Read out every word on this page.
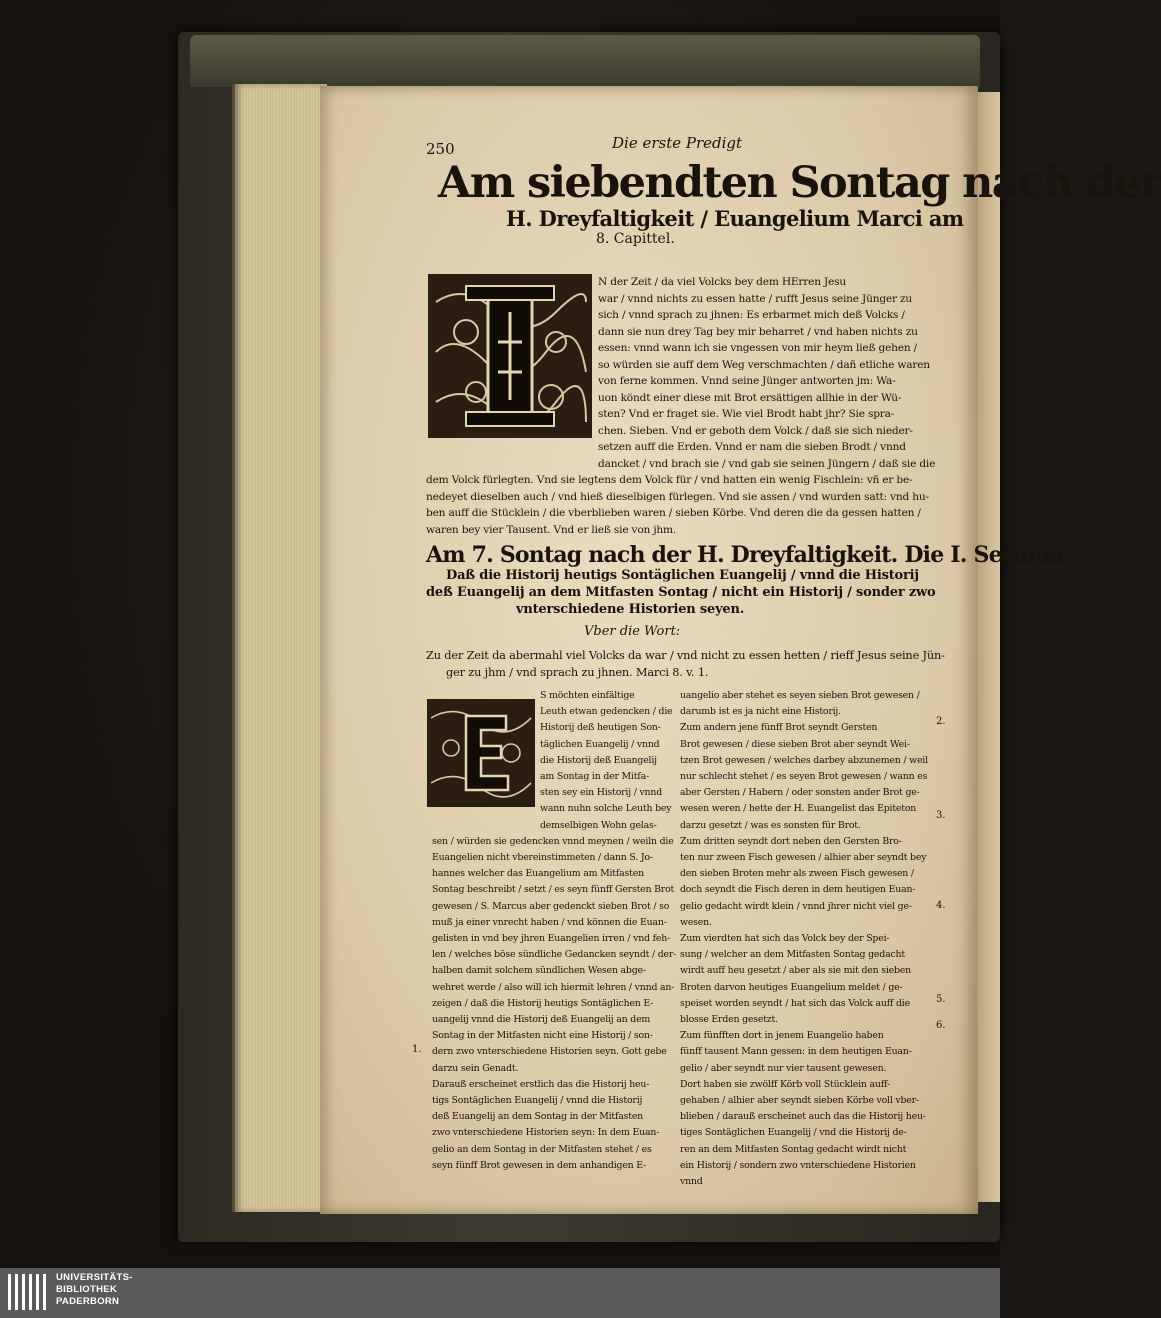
250	Die erste Predigt
Am siebendten Sontag nach der
H. Dreyfaltigkeit / Euangelium Marci am
8. Capittel.
N der Zeit / da viel Volcks bey dem HErren Jesu
war / vnnd nichts zu essen hatte / rufft Jesus seine Jünger zu
sich / vnnd sprach zu jhnen: Es erbarmet mich deß Volcks /
dann sie nun drey Tag bey mir beharret / vnd haben nichts zu
essen: vnnd wann ich sie vngessen von mir heym ließ gehen /
so würden sie auff dem Weg verschmachten / dañ etliche waren
von ferne kommen. Vnnd seine Jünger antworten jm: Wa-
uon köndt einer diese mit Brot ersättigen allhie in der Wü-
sten? Vnd er fraget sie. Wie viel Brodt habt jhr? Sie spra-
chen. Sieben. Vnd er geboth dem Volck / daß sie sich nieder-
setzen auff die Erden. Vnnd er nam die sieben Brodt / vnnd
dancket / vnd brach sie / vnd gab sie seinen Jüngern / daß sie die
dem Volck fürlegten. Vnd sie legtens dem Volck für / vnd hatten ein wenig Fischlein: vñ er be-
nedeyet dieselben auch / vnd hieß dieselbigen fürlegen. Vnd sie assen / vnd wurden satt: vnd hu-
ben auff die Stücklein / die vberblieben waren / sieben Körbe. Vnd deren die da gessen hatten /
waren bey vier Tausent. Vnd er ließ sie von jhm.
Am 7. Sontag nach der H. Dreyfaltigkeit. Die I. Sermon
Daß die Historij heutigs Sontäglichen Euangelij / vnnd die Historij
deß Euangelij an dem Mitfasten Sontag / nicht ein Historij / sonder zwo
vnterschiedene Historien seyen.
Vber die Wort:
Zu der Zeit da abermahl viel Volcks da war / vnd nicht zu essen hetten / rieff Jesus seine Jün-
ger zu jhm / vnd sprach zu jhnen. Marci 8. v. 1.
S möchten einfältige
Leuth etwan gedencken / die
Historij deß heutigen Son-
täglichen Euangelij / vnnd
die Historij deß Euangelij
am Sontag in der Mitfa-
sten sey ein Historij / vnnd
wann nuhn solche Leuth bey
demselbigen Wohn gelas-
sen / würden sie gedencken vnnd meynen / weiln die
Euangelien nicht vbereinstimmeten / dann S. Jo-
hannes welcher das Euangelium am Mitfasten
Sontag beschreibt / setzt / es seyn fünff Gersten Brot
gewesen / S. Marcus aber gedenckt sieben Brot / so
muß ja einer vnrecht haben / vnd können die Euan-
gelisten in vnd bey jhren Euangelien irren / vnd feh-
len / welches böse sündliche Gedancken seyndt / der-
halben damit solchem sündlichen Wesen abge-
wehret werde / also will ich hiermit lehren / vnnd an-
zeigen / daß die Historij heutigs Sontäglichen E-
uangelij vnnd die Historij deß Euangelij an dem
Sontag in der Mitfasten nicht eine Historij / son-
dern zwo vnterschiedene Historien seyn. Gott gebe
darzu sein Genadt.
Darauß erscheinet erstlich das die Historij heu-
tigs Sontäglichen Euangelij / vnnd die Historij
deß Euangelij an dem Sontag in der Mitfasten
zwo vnterschiedene Historien seyn: In dem Euan-
gelio an dem Sontag in der Mitfasten stehet / es
seyn fünff Brot gewesen in dem anhandigen E-
uangelio aber stehet es seyen sieben Brot gewesen /
darumb ist es ja nicht eine Historij.
Zum andern jene fünff Brot seyndt Gersten
Brot gewesen / diese sieben Brot aber seyndt Wei-
tzen Brot gewesen / welches darbey abzunemen / weil
nur schlecht stehet / es seyen Brot gewesen / wann es
aber Gersten / Habern / oder sonsten ander Brot ge-
wesen weren / hette der H. Euangelist das Epiteton
darzu gesetzt / was es sonsten für Brot.
Zum dritten seyndt dort neben den Gersten Bro-
ten nur zween Fisch gewesen / alhier aber seyndt bey
den sieben Broten mehr als zween Fisch gewesen /
doch seyndt die Fisch deren in dem heutigen Euan-
gelio gedacht wirdt klein / vnnd jhrer nicht viel ge-
wesen.
Zum vierdten hat sich das Volck bey der Spei-
sung / welcher an dem Mitfasten Sontag gedacht
wirdt auff heu gesetzt / aber als sie mit den sieben
Broten darvon heutiges Euangelium meldet / ge-
speiset worden seyndt / hat sich das Volck auff die
blosse Erden gesetzt.
Zum fünfften dort in jenem Euangelio haben
fünff tausent Mann gessen: in dem heutigen Euan-
gelio / aber seyndt nur vier tausent gewesen.
Dort haben sie zwölff Körb voll Stücklein auff-
gehaben / alhier aber seyndt sieben Körbe voll vber-
blieben / darauß erscheinet auch das die Historij heu-
tiges Sontäglichen Euangelij / vnd die Historij de-
ren an dem Mitfasten Sontag gedacht wirdt nicht
ein Historij / sondern zwo vnterschiedene Historien
vnnd
1.
2.
3.
4.
5.
6.
UNIVERSITÄTS-
BIBLIOTHEK
PADERBORN
